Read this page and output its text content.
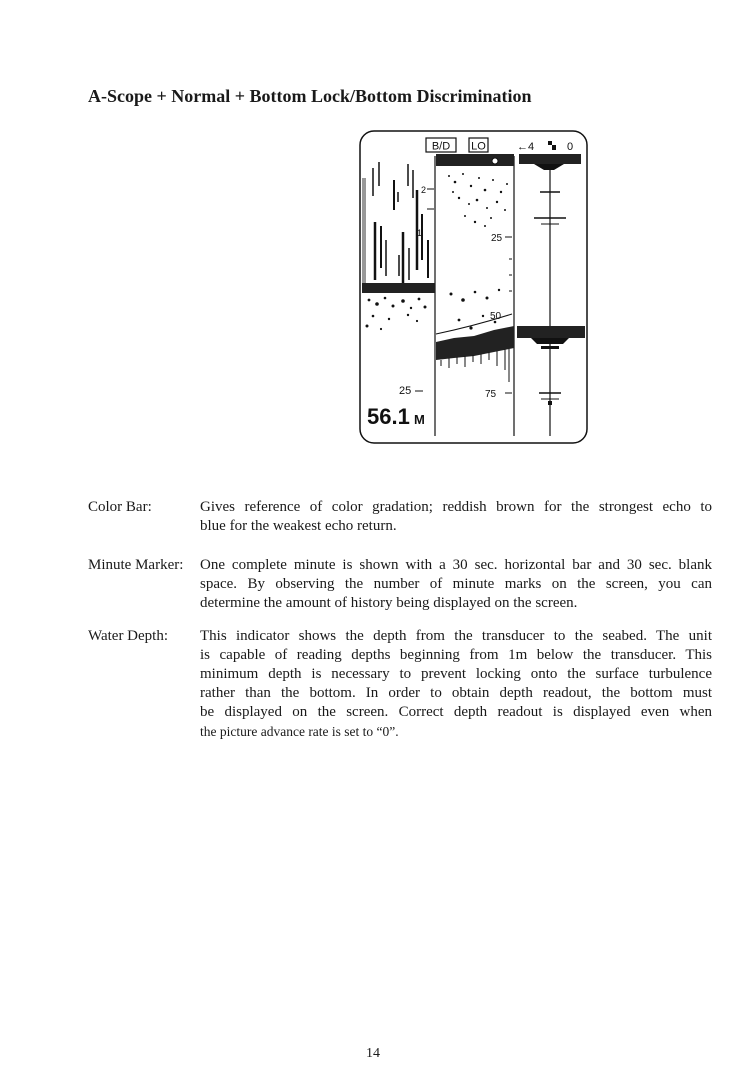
A-Scope + Normal + Bottom Lock/Bottom Discrimination
B/D LO	←4	0
2
1
25
56.1 M
25
50
75
Color Bar:	Gives reference of color gradation; reddish brown for the strongest echo to
blue for the weakest echo return.
Minute Marker: One complete minute is shown with a 30 sec. horizontal bar and 30 sec. blank
space. By observing the number of minute marks on the screen, you can
determine the amount of history being displayed on the screen.
Water Depth: This indicator shows the depth from the transducer to the seabed. The unit
is capable of reading depths beginning from 1m below the transducer. This
minimum depth is necessary to prevent locking onto the surface turbulence
rather than the bottom. In order to obtain depth readout, the bottom must
be displayed on the screen. Correct depth readout is displayed even when
the picture advance rate is set to “0”.
14
